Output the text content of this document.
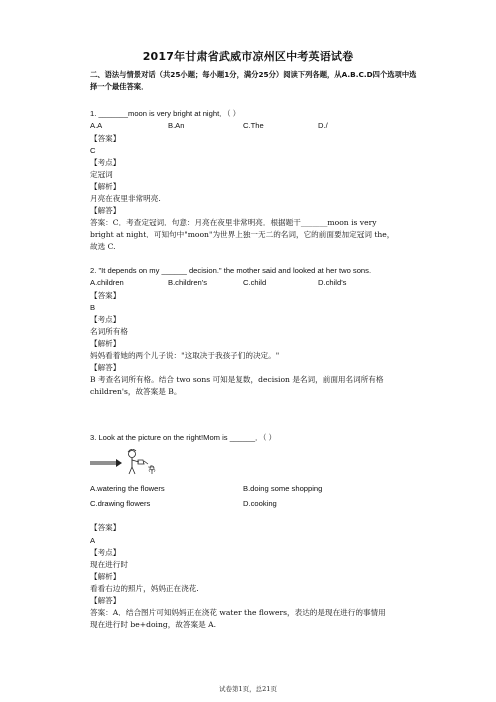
2017年甘肃省武威市凉州区中考英语试卷
二、语法与情景对话（共25小题；每小题1分，满分25分）阅读下列各题，从A.B.C.D四个选项中选择一个最佳答案．
1. _______moon is very bright at night．（ ）
A.A	B.An	C.The	D./
【答案】
C
【考点】
定冠词
【解析】
月亮在夜里非常明亮.
【解答】
答案：C．考查定冠词．句意：月亮在夜里非常明亮．根据题干_______moon is very
bright at night．可知句中"moon"为世界上独一无二的名词，它的前面要加定冠词 the，
故选 C.
2. "It depends on my ______ decision." the mother said and looked at her two sons.
A.children	B.children's	C.child	D.child's
【答案】
B
【考点】
名词所有格
【解析】
妈妈看着她的两个儿子说："这取决于我孩子们的决定。"
【解答】
B 考查名词所有格。结合 two sons 可知是复数，decision 是名词，前面用名词所有格
children's，故答案是 B。
3. Look at the picture on the right!Mom is ______．（ ）
A.watering the flowers	B.doing some shopping
C.drawing flowers	D.cooking
【答案】
A
【考点】
现在进行时
【解析】
看看右边的照片，妈妈正在浇花.
【解答】
答案：A．结合图片可知妈妈正在浇花 water the flowers，表达的是现在进行的事情用
现在进行时 be+doing，故答案是 A.
试卷第1页，总21页
